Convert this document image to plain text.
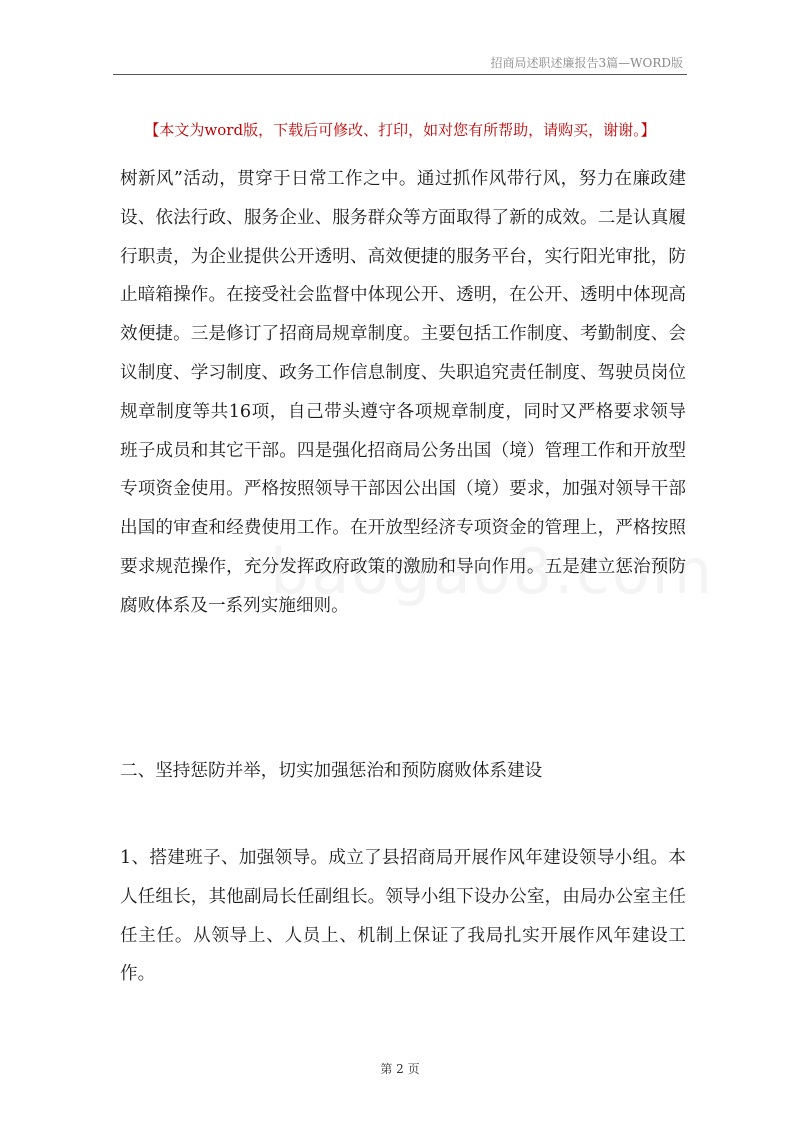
招商局述职述廉报告3篇—WORD版
【本文为word版，下载后可修改、打印，如对您有所帮助，请购买，谢谢。】

树新风”活动，贯穿于日常工作之中。通过抓作风带行风，努力在廉政建设、依法行政、服务企业、服务群众等方面取得了新的成效。二是认真履行职责，为企业提供公开透明、高效便捷的服务平台，实行阳光审批，防止暗箱操作。在接受社会监督中体现公开、透明，在公开、透明中体现高效便捷。三是修订了招商局规章制度。主要包括工作制度、考勤制度、会议制度、学习制度、政务工作信息制度、失职追究责任制度、驾驶员岗位规章制度等共16项，自己带头遵守各项规章制度，同时又严格要求领导班子成员和其它干部。四是强化招商局公务出国（境）管理工作和开放型专项资金使用。严格按照领导干部因公出国（境）要求，加强对领导干部出国的审查和经费使用工作。在开放型经济专项资金的管理上，严格按照要求规范操作，充分发挥政府政策的激励和导向作用。五是建立惩治预防腐败体系及一系列实施细则。

二、坚持惩防并举，切实加强惩治和预防腐败体系建设

1、搭建班子、加强领导。成立了县招商局开展作风年建设领导小组。本人任组长，其他副局长任副组长。领导小组下设办公室，由局办公室主任任主任。从领导上、人员上、机制上保证了我局扎实开展作风年建设工作。

第 2 页
